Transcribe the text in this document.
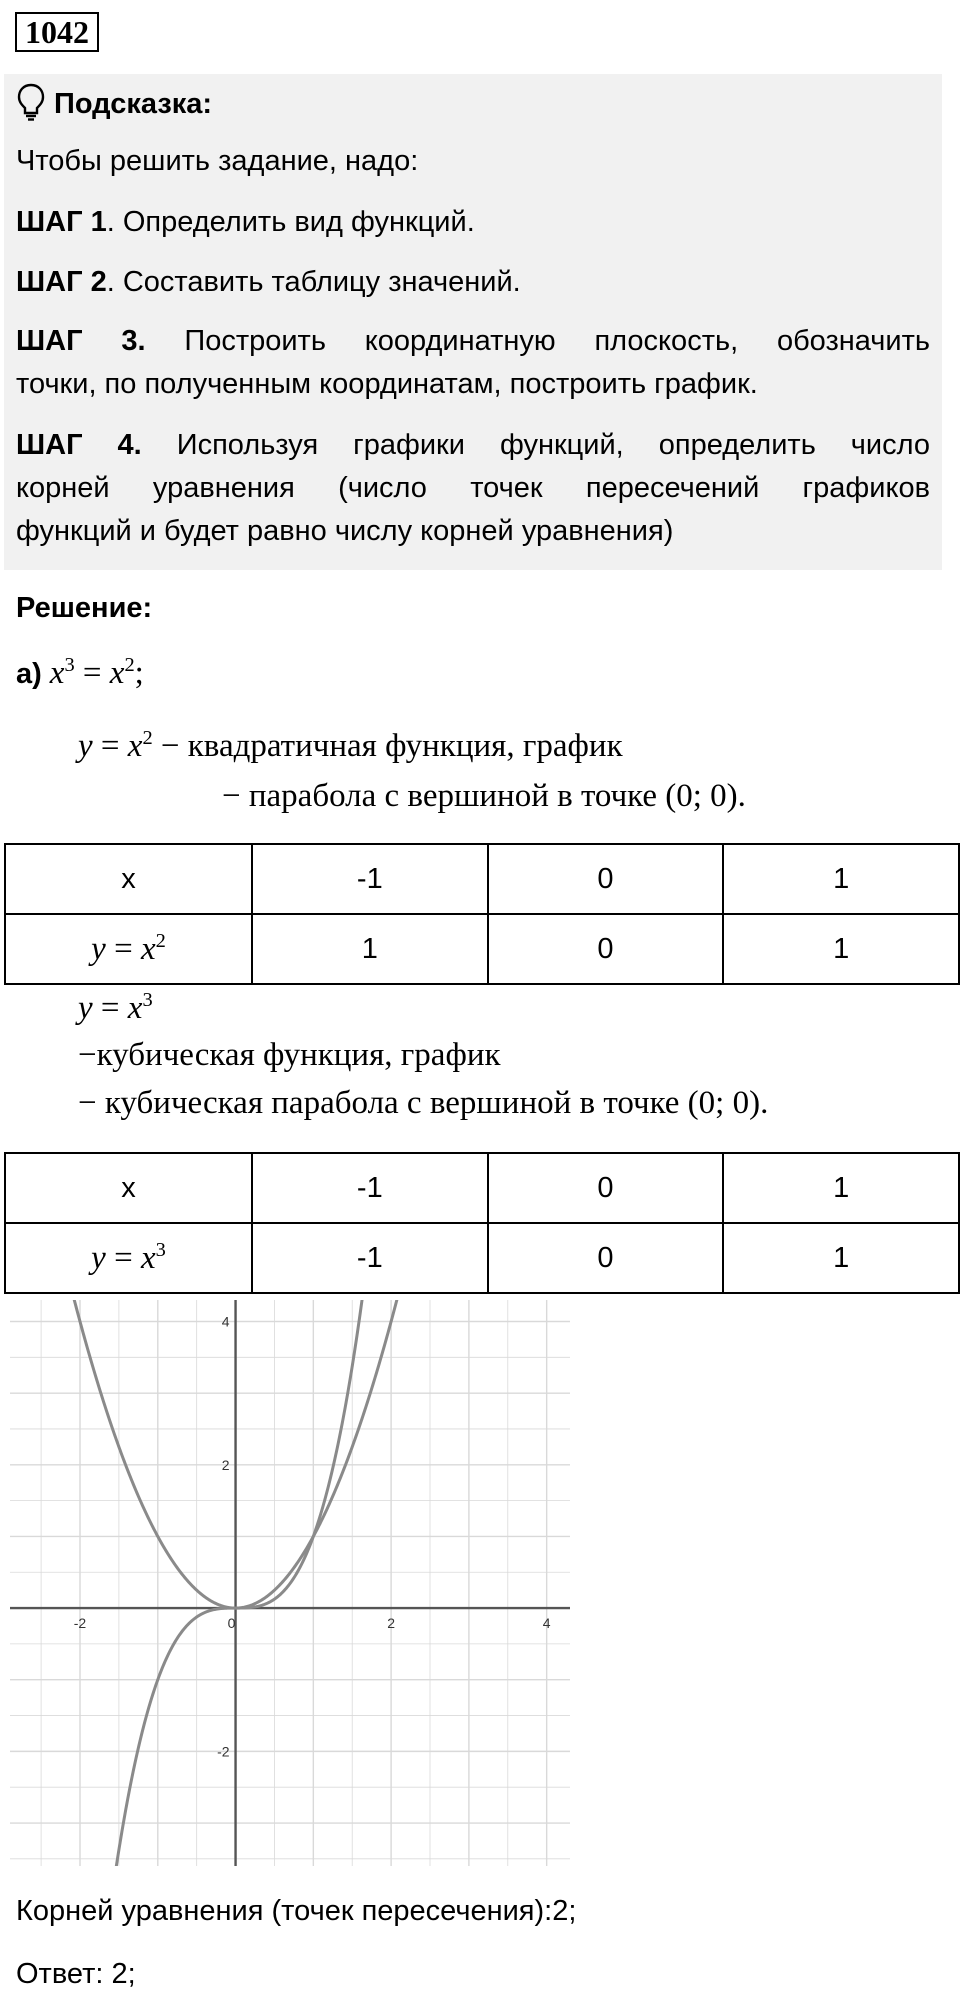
1042
Подсказка:
Чтобы решить задание, надо:
ШАГ 1. Определить вид функций.
ШАГ 2. Составить таблицу значений.
ШАГ 3. Построить координатную плоскость, обозначить
точки, по полученным координатам, построить график.
ШАГ 4. Используя графики функций, определить число
корней уравнения (число точек пересечений графиков
функций и будет равно числу корней уравнения)
Решение:
а) $x^3 = x^2$ ;
$y = x^2$ − квадратичная функция, график
− парабола с вершиной в точке (0; 0).
x	-1	0	1
$y = x^2$	1	0	1
$y = x^3$
−кубическая функция, график
− кубическая парабола с вершиной в точке (0; 0).
x	-1	0	1
$y = x^3$	-1	0	1
-2	0	2	4
4
2
-2
Корней уравнения (точек пересечения):2;
Ответ: 2;
